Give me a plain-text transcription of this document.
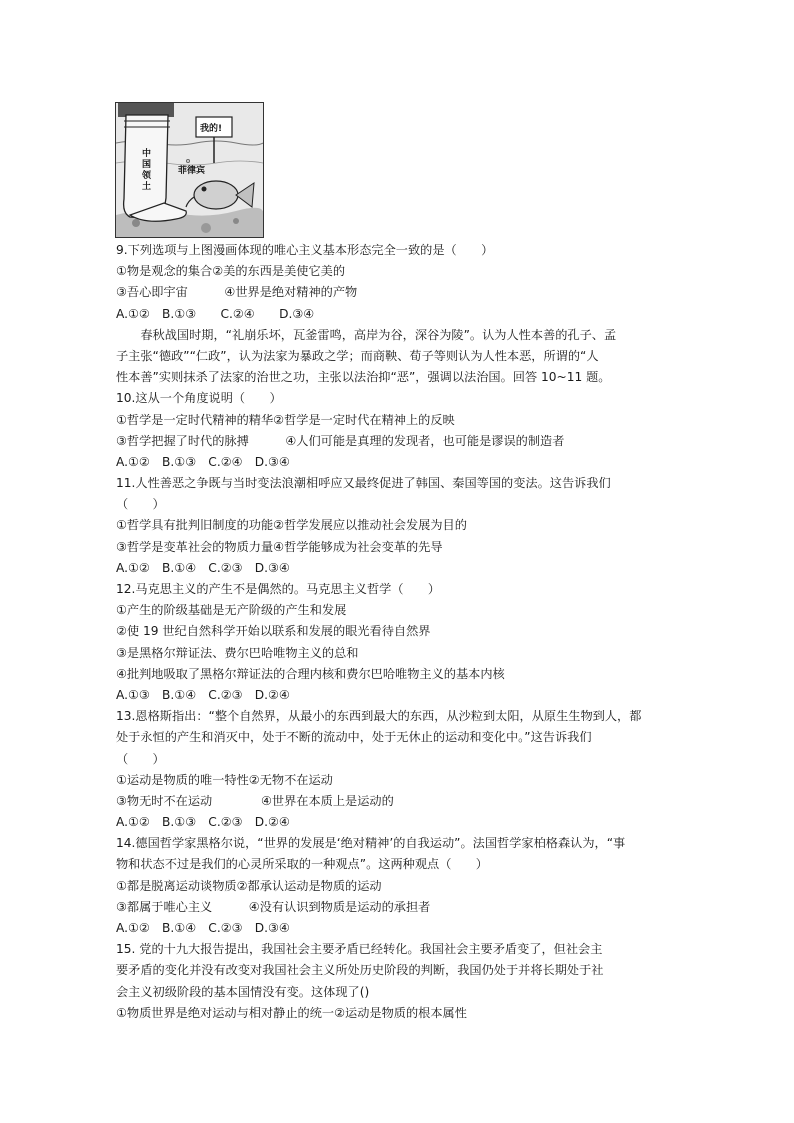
中国领土
菲律宾
我的!
9.下列选项与上图漫画体现的唯心主义基本形态完全一致的是（　　）
①物是观念的集合②美的东西是美使它美的
③吾心即宇宙　　　④世界是绝对精神的产物
A.①②　B.①③　　C.②④　　D.③④
　　春秋战国时期，“礼崩乐坏，瓦釜雷鸣，高岸为谷，深谷为陵”。认为人性本善的孔子、孟
子主张“德政”“仁政”，认为法家为暴政之学；而商鞅、荀子等则认为人性本恶，所谓的“人
性本善”实则抹杀了法家的治世之功，主张以法治抑“恶”，强调以法治国。回答 10~11 题。
10.这从一个角度说明（　　）
①哲学是一定时代精神的精华②哲学是一定时代在精神上的反映
③哲学把握了时代的脉搏　　　④人们可能是真理的发现者，也可能是谬误的制造者
A.①②　B.①③　C.②④　D.③④
11.人性善恶之争既与当时变法浪潮相呼应又最终促进了韩国、秦国等国的变法。这告诉我们
（　　）
①哲学具有批判旧制度的功能②哲学发展应以推动社会发展为目的
③哲学是变革社会的物质力量④哲学能够成为社会变革的先导
A.①②　B.①④　C.②③　D.③④
12.马克思主义的产生不是偶然的。马克思主义哲学（　　）
①产生的阶级基础是无产阶级的产生和发展
②使 19 世纪自然科学开始以联系和发展的眼光看待自然界
③是黑格尔辩证法、费尔巴哈唯物主义的总和
④批判地吸取了黑格尔辩证法的合理内核和费尔巴哈唯物主义的基本内核
A.①③　B.①④　C.②③　D.②④
13.恩格斯指出：“整个自然界，从最小的东西到最大的东西，从沙粒到太阳，从原生生物到人，都
处于永恒的产生和消灭中，处于不断的流动中，处于无休止的运动和变化中。”这告诉我们
（　　）
①运动是物质的唯一特性②无物不在运动
③物无时不在运动　　　　④世界在本质上是运动的
A.①②　B.①③　C.②③　D.②④
14.德国哲学家黑格尔说，“世界的发展是‘绝对精神’的自我运动”。法国哲学家柏格森认为，“事
物和状态不过是我们的心灵所采取的一种观点”。这两种观点（　　）
①都是脱离运动谈物质②都承认运动是物质的运动
③都属于唯心主义　　　④没有认识到物质是运动的承担者
A.①②　B.①④　C.②③　D.③④
15. 党的十九大报告提出，我国社会主要矛盾已经转化。我国社会主要矛盾变了，但社会主
要矛盾的变化并没有改变对我国社会主义所处历史阶段的判断，我国仍处于并将长期处于社
会主义初级阶段的基本国情没有变。这体现了()
①物质世界是绝对运动与相对静止的统一②运动是物质的根本属性
